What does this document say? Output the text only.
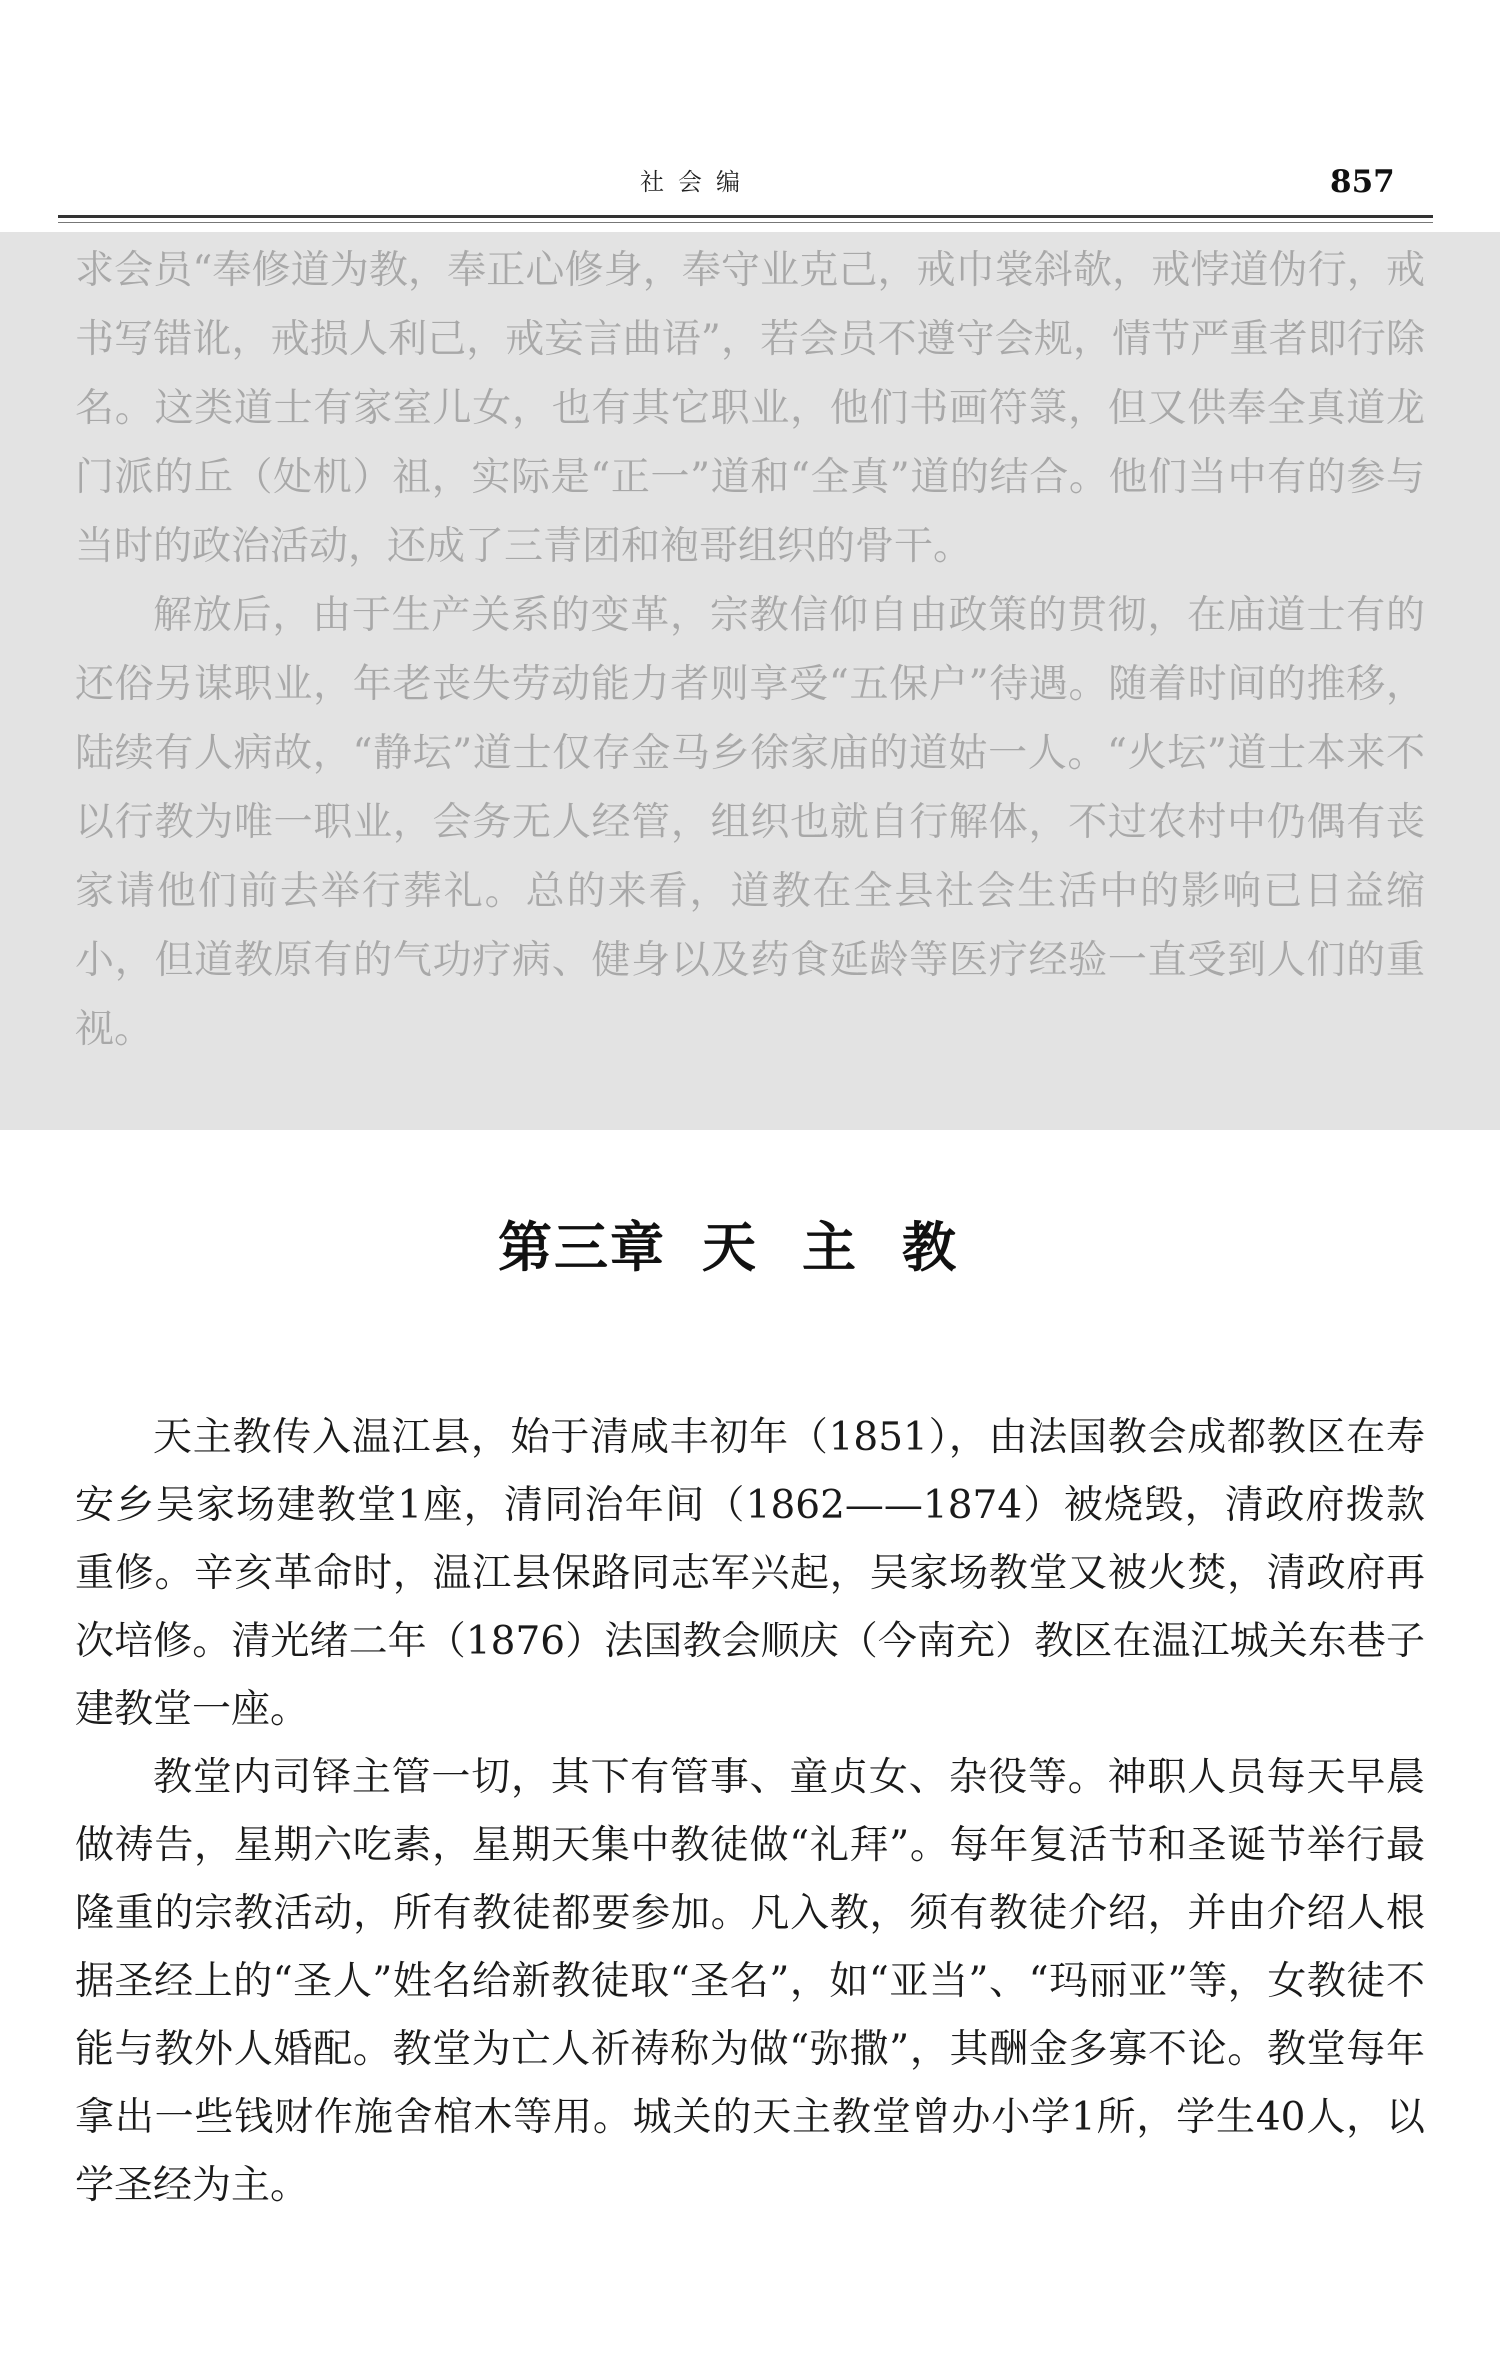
社会编	857

求会员“奉修道为教，奉正心修身，奉守业克己，戒巾裳斜欹，戒悖道伪行，戒书写错讹，戒损人利己，戒妄言曲语”，若会员不遵守会规，情节严重者即行除名。这类道士有家室儿女，也有其它职业，他们书画符箓，但又供奉全真道龙门派的丘（处机）祖，实际是“正一”道和“全真”道的结合。他们当中有的参与当时的政治活动，还成了三青团和袍哥组织的骨干。

解放后，由于生产关系的变革，宗教信仰自由政策的贯彻，在庙道士有的还俗另谋职业，年老丧失劳动能力者则享受“五保户”待遇。随着时间的推移，陆续有人病故，“静坛”道士仅存金马乡徐家庙的道姑一人。“火坛”道士本来不以行教为唯一职业，会务无人经管，组织也就自行解体，不过农村中仍偶有丧家请他们前去举行葬礼。总的来看，道教在全县社会生活中的影响已日益缩小，但道教原有的气功疗病、健身以及药食延龄等医疗经验一直受到人们的重视。

第三章 天主教

天主教传入温江县，始于清咸丰初年（1851），由法国教会成都教区在寿安乡吴家场建教堂1座，清同治年间（1862——1874）被烧毁，清政府拨款重修。辛亥革命时，温江县保路同志军兴起，吴家场教堂又被火焚，清政府再次培修。清光绪二年（1876）法国教会顺庆（今南充）教区在温江城关东巷子建教堂一座。

教堂内司铎主管一切，其下有管事、童贞女、杂役等。神职人员每天早晨做祷告，星期六吃素，星期天集中教徒做“礼拜”。每年复活节和圣诞节举行最隆重的宗教活动，所有教徒都要参加。凡入教，须有教徒介绍，并由介绍人根据圣经上的“圣人”姓名给新教徒取“圣名”，如“亚当”、“玛丽亚”等，女教徒不能与教外人婚配。教堂为亡人祈祷称为做“弥撒”，其酬金多寡不论。教堂每年拿出一些钱财作施舍棺木等用。城关的天主教堂曾办小学1所，学生40人，以学圣经为主。
